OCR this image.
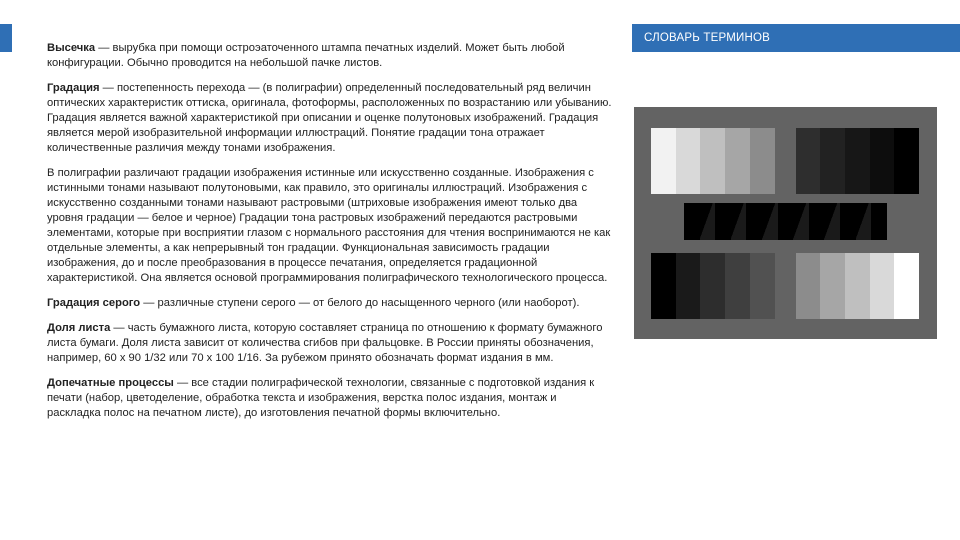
Высечка — вырубка при помощи остроэаточенного штампа печатных изделий. Может быть любой конфигурации. Обычно проводится на небольшой пачке листов.

Градация — постепенность перехода — (в полиграфии) определенный последовательный ряд величин оптических характеристик оттиска, оригинала, фотоформы, расположенных по возрастанию или убыванию. Градация является важной характеристикой при описании и оценке полутоновых изображений. Градация является мерой изобразительной информации иллюстраций. Понятие градации тона отражает количественные различия между тонами изображения.

В полиграфии различают градации изображения истинные или искусственно созданные. Изображения с истинными тонами называют полутоновыми, как правило, это оригиналы иллюстраций. Изображения с искусственно созданными тонами называют растровыми (штриховые изображения имеют только два уровня градации — белое и черное) Градации тона растровых изображений передаются растровыми элементами, которые при восприятии глазом с нормального расстояния для чтения воспринимаются не как отдельные элементы, а как непрерывный тон градации. Функциональная зависимость градации изображения, до и после преобразования в процессе печатания, определяется градационной характеристикой. Она является основой программирования полиграфического технологического процесса.

Градация серого — различные ступени серого — от белого до насыщенного черного (или наоборот).

Доля листа — часть бумажного листа, которую составляет страница по отношению к формату бумажного листа бумаги. Доля листа зависит от количества сгибов при фальцовке. В России приняты обозначения, например, 60 х 90 1/32 или 70 х 100 1/16. За рубежом принято обозначать формат издания в мм.

Допечатные процессы — все стадии полиграфической технологии, связанные с подготовкой издания к печати (набор, цветоделение, обработка текста и изображения, верстка полос издания, монтаж и раскладка полос на печатном листе), до изготовления печатной формы включительно.

СЛОВАРЬ ТЕРМИНОВ
